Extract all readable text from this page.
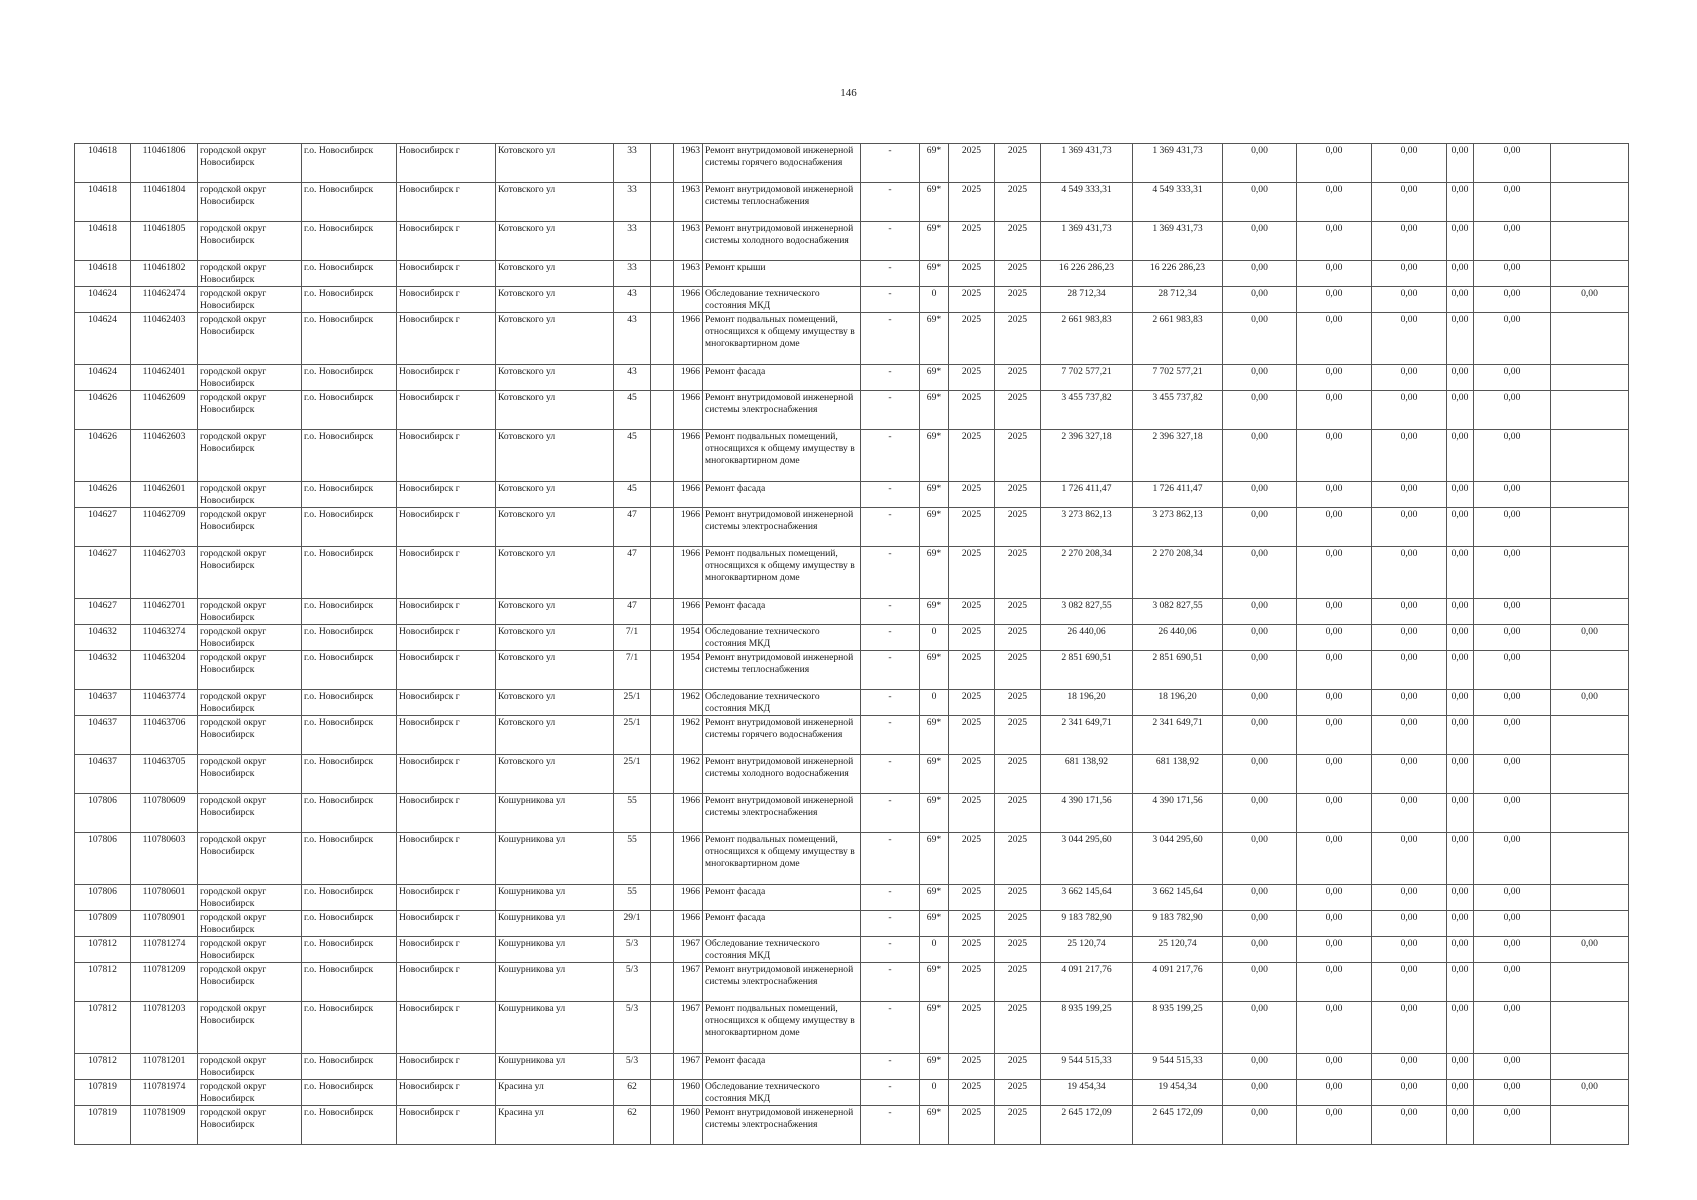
146
104618	110461806	городской округ Новосибирск	г.о. Новосибирск	Новосибирск г	Котовского ул	33		1963	Ремонт внутридомовой инженерной системы горячего водоснабжения	-	69*	2025	2025	1 369 431,73	1 369 431,73	0,00	0,00	0,00	0,00	0,00	
104618	110461804	городской округ Новосибирск	г.о. Новосибирск	Новосибирск г	Котовского ул	33		1963	Ремонт внутридомовой инженерной системы теплоснабжения	-	69*	2025	2025	4 549 333,31	4 549 333,31	0,00	0,00	0,00	0,00	0,00	
104618	110461805	городской округ Новосибирск	г.о. Новосибирск	Новосибирск г	Котовского ул	33		1963	Ремонт внутридомовой инженерной системы холодного водоснабжения	-	69*	2025	2025	1 369 431,73	1 369 431,73	0,00	0,00	0,00	0,00	0,00	
104618	110461802	городской округ Новосибирск	г.о. Новосибирск	Новосибирск г	Котовского ул	33		1963	Ремонт крыши	-	69*	2025	2025	16 226 286,23	16 226 286,23	0,00	0,00	0,00	0,00	0,00	
104624	110462474	городской округ Новосибирск	г.о. Новосибирск	Новосибирск г	Котовского ул	43		1966	Обследование технического состояния МКД	-	0	2025	2025	28 712,34	28 712,34	0,00	0,00	0,00	0,00	0,00	0,00
104624	110462403	городской округ Новосибирск	г.о. Новосибирск	Новосибирск г	Котовского ул	43		1966	Ремонт подвальных помещений, относящихся к общему имуществу в многоквартирном доме	-	69*	2025	2025	2 661 983,83	2 661 983,83	0,00	0,00	0,00	0,00	0,00	
104624	110462401	городской округ Новосибирск	г.о. Новосибирск	Новосибирск г	Котовского ул	43		1966	Ремонт фасада	-	69*	2025	2025	7 702 577,21	7 702 577,21	0,00	0,00	0,00	0,00	0,00	
104626	110462609	городской округ Новосибирск	г.о. Новосибирск	Новосибирск г	Котовского ул	45		1966	Ремонт внутридомовой инженерной системы электроснабжения	-	69*	2025	2025	3 455 737,82	3 455 737,82	0,00	0,00	0,00	0,00	0,00	
104626	110462603	городской округ Новосибирск	г.о. Новосибирск	Новосибирск г	Котовского ул	45		1966	Ремонт подвальных помещений, относящихся к общему имуществу в многоквартирном доме	-	69*	2025	2025	2 396 327,18	2 396 327,18	0,00	0,00	0,00	0,00	0,00	
104626	110462601	городской округ Новосибирск	г.о. Новосибирск	Новосибирск г	Котовского ул	45		1966	Ремонт фасада	-	69*	2025	2025	1 726 411,47	1 726 411,47	0,00	0,00	0,00	0,00	0,00	
104627	110462709	городской округ Новосибирск	г.о. Новосибирск	Новосибирск г	Котовского ул	47		1966	Ремонт внутридомовой инженерной системы электроснабжения	-	69*	2025	2025	3 273 862,13	3 273 862,13	0,00	0,00	0,00	0,00	0,00	
104627	110462703	городской округ Новосибирск	г.о. Новосибирск	Новосибирск г	Котовского ул	47		1966	Ремонт подвальных помещений, относящихся к общему имуществу в многоквартирном доме	-	69*	2025	2025	2 270 208,34	2 270 208,34	0,00	0,00	0,00	0,00	0,00	
104627	110462701	городской округ Новосибирск	г.о. Новосибирск	Новосибирск г	Котовского ул	47		1966	Ремонт фасада	-	69*	2025	2025	3 082 827,55	3 082 827,55	0,00	0,00	0,00	0,00	0,00	
104632	110463274	городской округ Новосибирск	г.о. Новосибирск	Новосибирск г	Котовского ул	7/1		1954	Обследование технического состояния МКД	-	0	2025	2025	26 440,06	26 440,06	0,00	0,00	0,00	0,00	0,00	0,00
104632	110463204	городской округ Новосибирск	г.о. Новосибирск	Новосибирск г	Котовского ул	7/1		1954	Ремонт внутридомовой инженерной системы теплоснабжения	-	69*	2025	2025	2 851 690,51	2 851 690,51	0,00	0,00	0,00	0,00	0,00	
104637	110463774	городской округ Новосибирск	г.о. Новосибирск	Новосибирск г	Котовского ул	25/1		1962	Обследование технического состояния МКД	-	0	2025	2025	18 196,20	18 196,20	0,00	0,00	0,00	0,00	0,00	0,00
104637	110463706	городской округ Новосибирск	г.о. Новосибирск	Новосибирск г	Котовского ул	25/1		1962	Ремонт внутридомовой инженерной системы горячего водоснабжения	-	69*	2025	2025	2 341 649,71	2 341 649,71	0,00	0,00	0,00	0,00	0,00	
104637	110463705	городской округ Новосибирск	г.о. Новосибирск	Новосибирск г	Котовского ул	25/1		1962	Ремонт внутридомовой инженерной системы холодного водоснабжения	-	69*	2025	2025	681 138,92	681 138,92	0,00	0,00	0,00	0,00	0,00	
107806	110780609	городской округ Новосибирск	г.о. Новосибирск	Новосибирск г	Кошурникова ул	55		1966	Ремонт внутридомовой инженерной системы электроснабжения	-	69*	2025	2025	4 390 171,56	4 390 171,56	0,00	0,00	0,00	0,00	0,00	
107806	110780603	городской округ Новосибирск	г.о. Новосибирск	Новосибирск г	Кошурникова ул	55		1966	Ремонт подвальных помещений, относящихся к общему имуществу в многоквартирном доме	-	69*	2025	2025	3 044 295,60	3 044 295,60	0,00	0,00	0,00	0,00	0,00	
107806	110780601	городской округ Новосибирск	г.о. Новосибирск	Новосибирск г	Кошурникова ул	55		1966	Ремонт фасада	-	69*	2025	2025	3 662 145,64	3 662 145,64	0,00	0,00	0,00	0,00	0,00	
107809	110780901	городской округ Новосибирск	г.о. Новосибирск	Новосибирск г	Кошурникова ул	29/1		1966	Ремонт фасада	-	69*	2025	2025	9 183 782,90	9 183 782,90	0,00	0,00	0,00	0,00	0,00	
107812	110781274	городской округ Новосибирск	г.о. Новосибирск	Новосибирск г	Кошурникова ул	5/3		1967	Обследование технического состояния МКД	-	0	2025	2025	25 120,74	25 120,74	0,00	0,00	0,00	0,00	0,00	0,00
107812	110781209	городской округ Новосибирск	г.о. Новосибирск	Новосибирск г	Кошурникова ул	5/3		1967	Ремонт внутридомовой инженерной системы электроснабжения	-	69*	2025	2025	4 091 217,76	4 091 217,76	0,00	0,00	0,00	0,00	0,00	
107812	110781203	городской округ Новосибирск	г.о. Новосибирск	Новосибирск г	Кошурникова ул	5/3		1967	Ремонт подвальных помещений, относящихся к общему имуществу в многоквартирном доме	-	69*	2025	2025	8 935 199,25	8 935 199,25	0,00	0,00	0,00	0,00	0,00	
107812	110781201	городской округ Новосибирск	г.о. Новосибирск	Новосибирск г	Кошурникова ул	5/3		1967	Ремонт фасада	-	69*	2025	2025	9 544 515,33	9 544 515,33	0,00	0,00	0,00	0,00	0,00	
107819	110781974	городской округ Новосибирск	г.о. Новосибирск	Новосибирск г	Красина ул	62		1960	Обследование технического состояния МКД	-	0	2025	2025	19 454,34	19 454,34	0,00	0,00	0,00	0,00	0,00	0,00
107819	110781909	городской округ Новосибирск	г.о. Новосибирск	Новосибирск г	Красина ул	62		1960	Ремонт внутридомовой инженерной системы электроснабжения	-	69*	2025	2025	2 645 172,09	2 645 172,09	0,00	0,00	0,00	0,00	0,00	
